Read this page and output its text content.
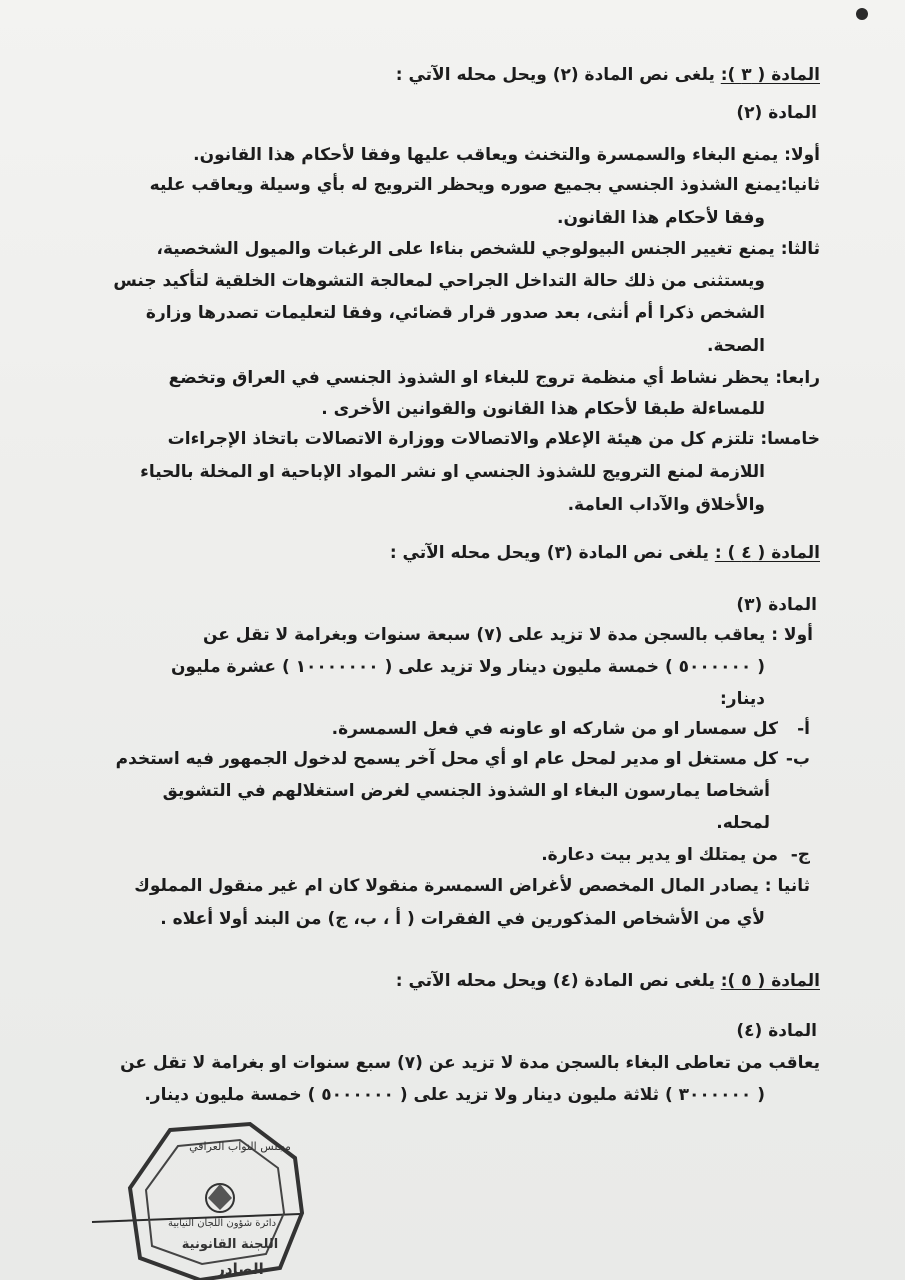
المادة ( ٣ ): يلغى نص المادة (٢) ويحل محله الآتي :
المادة (٢)
أولا: يمنع البغاء والسمسرة والتخنث ويعاقب عليها وفقا لأحكام هذا القانون.
ثانيا:يمنع الشذوذ الجنسي بجميع صوره ويحظر الترويج له بأي وسيلة ويعاقب عليه
وفقا لأحكام هذا القانون.
ثالثا: يمنع تغيير الجنس البيولوجي للشخص بناءا على الرغبات والميول الشخصية،
ويستثنى من ذلك حالة التداخل الجراحي لمعالجة التشوهات الخلقية لتأكيد جنس
الشخص ذكرا أم أنثى، بعد صدور قرار قضائي، وفقا لتعليمات تصدرها وزارة
الصحة.
رابعا: يحظر نشاط أي منظمة تروج للبغاء او الشذوذ الجنسي في العراق وتخضع
للمساءلة طبقا لأحكام هذا القانون والقوانين الأخرى .
خامسا: تلتزم كل من هيئة الإعلام والاتصالات ووزارة الاتصالات باتخاذ الإجراءات
اللازمة لمنع الترويج للشذوذ الجنسي او نشر المواد الإباحية او المخلة بالحياء
والأخلاق والآداب العامة.
المادة ( ٤ ) : يلغى نص المادة (٣) ويحل محله الآتي :
المادة (٣)
أولا : يعاقب بالسجن مدة لا تزيد على (٧) سبعة سنوات وبغرامة لا تقل عن
( ٥٠٠٠٠٠٠ ) خمسة مليون دينار ولا تزيد على ( ١٠٠٠٠٠٠٠ ) عشرة مليون
دينار:
أ-كل سمسار او من شاركه او عاونه في فعل السمسرة.
ب-كل مستغل او مدير لمحل عام او أي محل آخر يسمح لدخول الجمهور فيه استخدم
أشخاصا يمارسون البغاء او الشذوذ الجنسي لغرض استغلالهم في التشويق
لمحله.
ج-من يمتلك او يدير بيت دعارة.
ثانيا : يصادر المال المخصص لأغراض السمسرة منقولا كان ام غير منقول المملوك
لأي من الأشخاص المذكورين في الفقرات ( أ ، ب، ج) من البند أولا أعلاه .
المادة ( ٥ ): يلغى نص المادة (٤) ويحل محله الآتي :
المادة (٤)
يعاقب من تعاطى البغاء بالسجن مدة لا تزيد عن (٧) سبع سنوات او بغرامة لا تقل عن
( ٣٠٠٠٠٠٠ ) ثلاثة مليون دينار ولا تزيد على ( ٥٠٠٠٠٠٠ ) خمسة مليون دينار.
مجلس النواب العراقي
دائرة شؤون اللجان النيابية
اللجنة القانونية
الصادر
